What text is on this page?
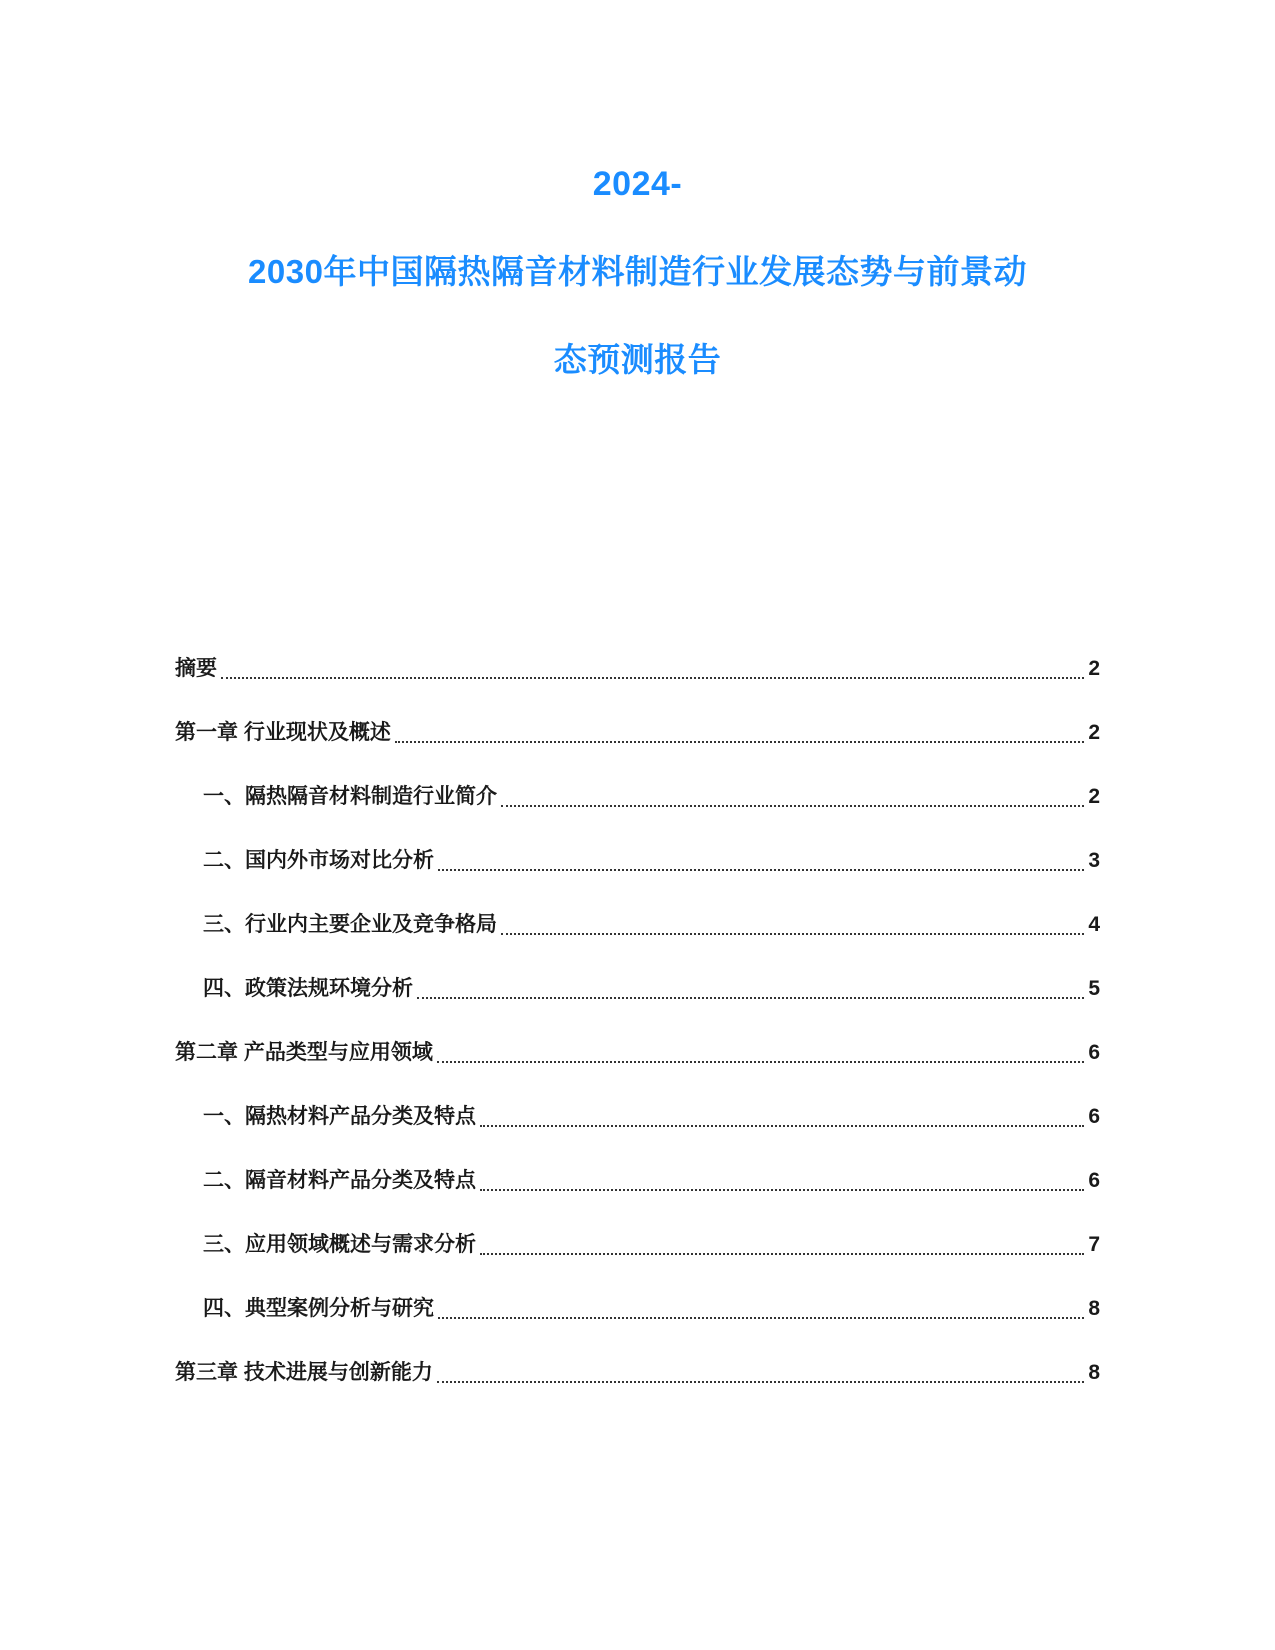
2024-
2030年中国隔热隔音材料制造行业发展态势与前景动
态预测报告
摘要	2
第一章 行业现状及概述	2
一、隔热隔音材料制造行业简介	2
二、国内外市场对比分析	3
三、行业内主要企业及竞争格局	4
四、政策法规环境分析	5
第二章 产品类型与应用领域	6
一、隔热材料产品分类及特点	6
二、隔音材料产品分类及特点	6
三、应用领域概述与需求分析	7
四、典型案例分析与研究	8
第三章 技术进展与创新能力	8
